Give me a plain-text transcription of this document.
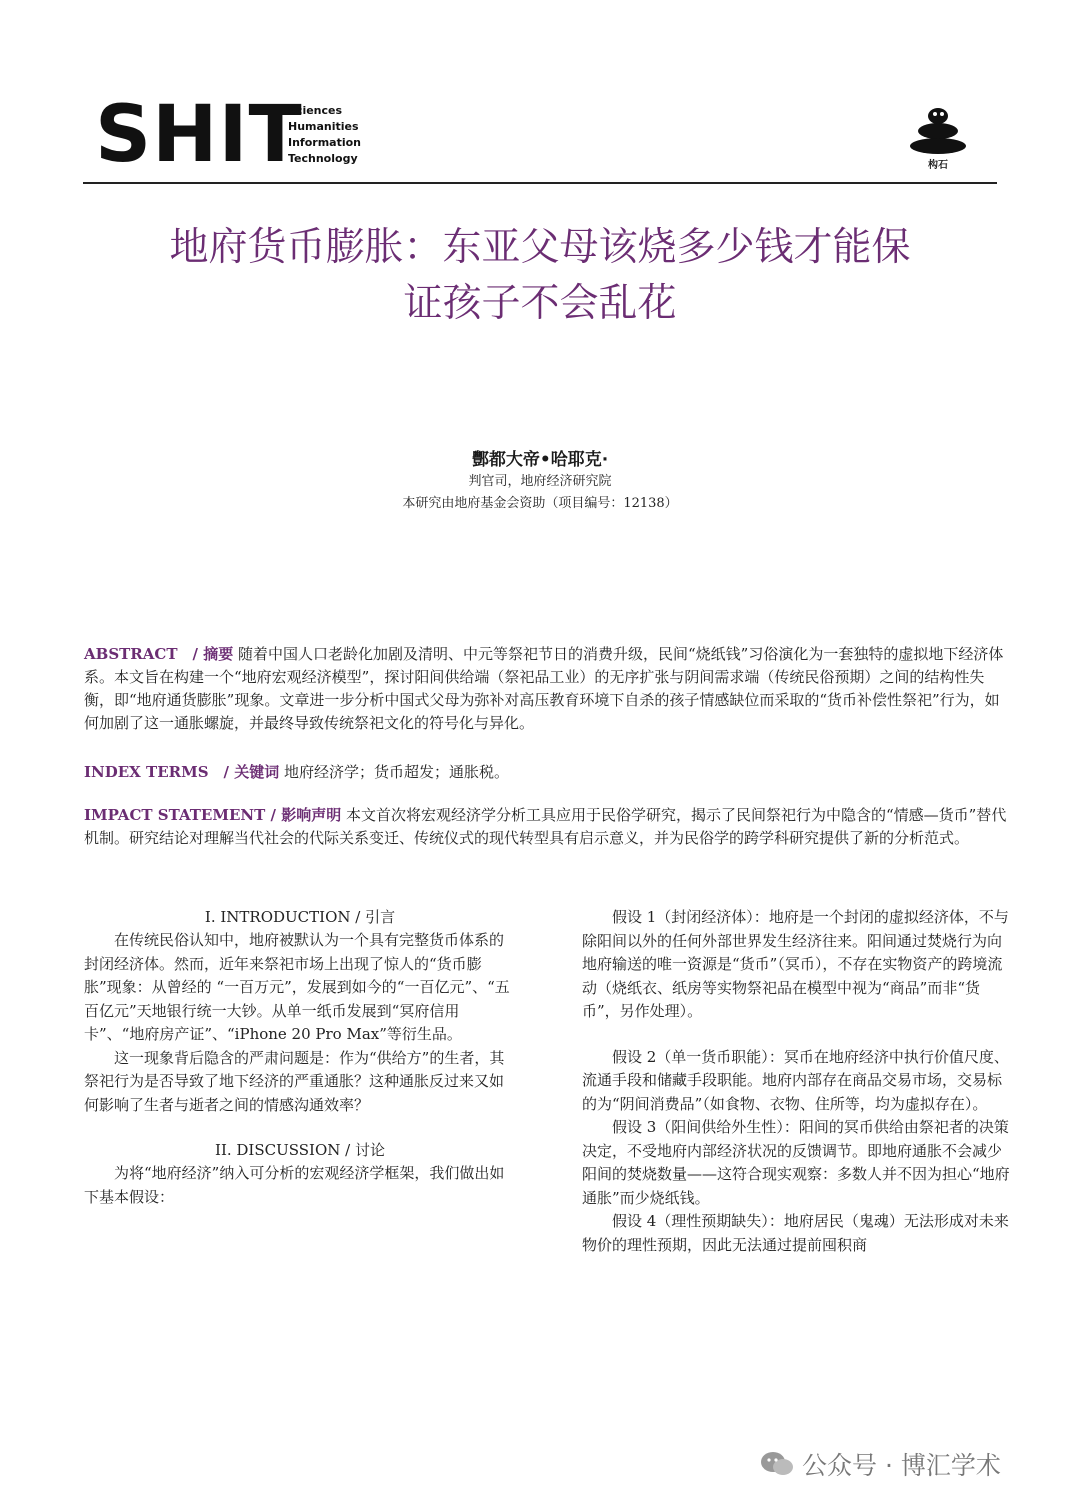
SHIT
Sciences
Humanities
Information
Technology
构石
地府货币膨胀：东亚父母该烧多少钱才能保
证孩子不会乱花
酆都大帝•哈耶克·
判官司，地府经济研究院
本研究由地府基金会资助（项目编号：12138）
ABSTRACT　/ 摘要 随着中国人口老龄化加剧及清明、中元等祭祀节日的消费升级，民间“烧纸钱”习俗演化为一套独特的虚拟地下经济体系。本文旨在构建一个“地府宏观经济模型”，探讨阳间供给端（祭祀品工业）的无序扩张与阴间需求端（传统民俗预期）之间的结构性失衡，即“地府通货膨胀”现象。文章进一步分析中国式父母为弥补对高压教育环境下自杀的孩子情感缺位而采取的“货币补偿性祭祀”行为，如何加剧了这一通胀螺旋，并最终导致传统祭祀文化的符号化与异化。
INDEX TERMS　/ 关键词 地府经济学；货币超发；通胀税。
IMPACT STATEMENT / 影响声明 本文首次将宏观经济学分析工具应用于民俗学研究，揭示了民间祭祀行为中隐含的“情感—货币”替代机制。研究结论对理解当代社会的代际关系变迁、传统仪式的现代转型具有启示意义，并为民俗学的跨学科研究提供了新的分析范式。
I. INTRODUCTION / 引言

在传统民俗认知中，地府被默认为一个具有完整货币体系的封闭经济体。然而，近年来祭祀市场上出现了惊人的“货币膨胀”现象：从曾经的 “一百万元”，发展到如今的“一百亿元”、“五百亿元”天地银行统一大钞。从单一纸币发展到“冥府信用卡”、“地府房产证”、“iPhone 20 Pro Max”等衍生品。

这一现象背后隐含的严肃问题是：作为“供给方”的生者，其祭祀行为是否导致了地下经济的严重通胀？这种通胀反过来又如何影响了生者与逝者之间的情感沟通效率？

II. DISCUSSION / 讨论

为将“地府经济”纳入可分析的宏观经济学框架，我们做出如下基本假设：

假设 1（封闭经济体）：地府是一个封闭的虚拟经济体，不与除阳间以外的任何外部世界发生经济往来。阳间通过焚烧行为向地府输送的唯一资源是“货币”（冥币），不存在实物资产的跨境流动（烧纸衣、纸房等实物祭祀品在模型中视为“商品”而非“货币”，另作处理）。

假设 2（单一货币职能）：冥币在地府经济中执行价值尺度、流通手段和储藏手段职能。地府内部存在商品交易市场，交易标的为“阴间消费品”（如食物、衣物、住所等，均为虚拟存在）。

假设 3（阳间供给外生性）：阳间的冥币供给由祭祀者的决策决定，不受地府内部经济状况的反馈调节。即地府通胀不会减少阳间的焚烧数量——这符合现实观察：多数人并不因为担心“地府通胀”而少烧纸钱。

假设 4（理性预期缺失）：地府居民（鬼魂）无法形成对未来物价的理性预期，因此无法通过提前囤积商

公众号 · 博汇学术
